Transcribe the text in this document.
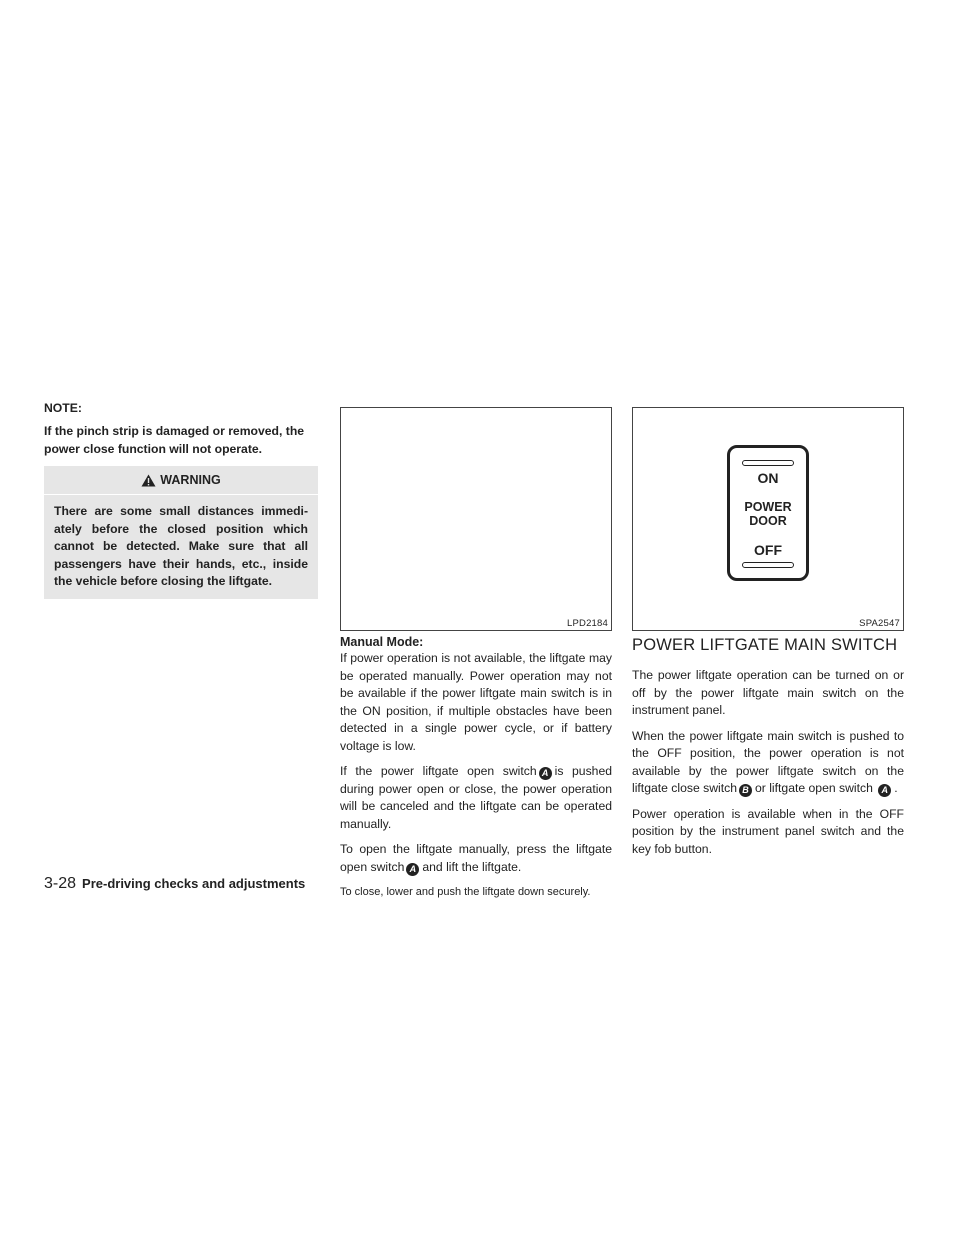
NOTE:

If the pinch strip is damaged or removed, the power close function will not operate.

WARNING
There are some small distances immedi-ately before the closed position which cannot be detected. Make sure that all passengers have their hands, etc., inside the vehicle before closing the liftgate.
LPD2184
ON
POWER
DOOR
OFF
SPA2547
Manual Mode:

If power operation is not available, the liftgate may be operated manually. Power operation may not be available if the power liftgate main switch is in the ON position, if multiple obstacles have been detected in a single power cycle, or if battery voltage is low.

If the power liftgate open switch A is pushed during power open or close, the power operation will be canceled and the liftgate can be operated manually.

To open the liftgate manually, press the liftgate open switch A and lift the liftgate.

To close, lower and push the liftgate down securely.

POWER LIFTGATE MAIN SWITCH

The power liftgate operation can be turned on or off by the power liftgate main switch on the instrument panel.

When the power liftgate main switch is pushed to the OFF position, the power operation is not available by the power liftgate switch on the liftgate close switch B or liftgate open switch A .

Power operation is available when in the OFF position by the instrument panel switch and the key fob button.

3-28 Pre-driving checks and adjustments
